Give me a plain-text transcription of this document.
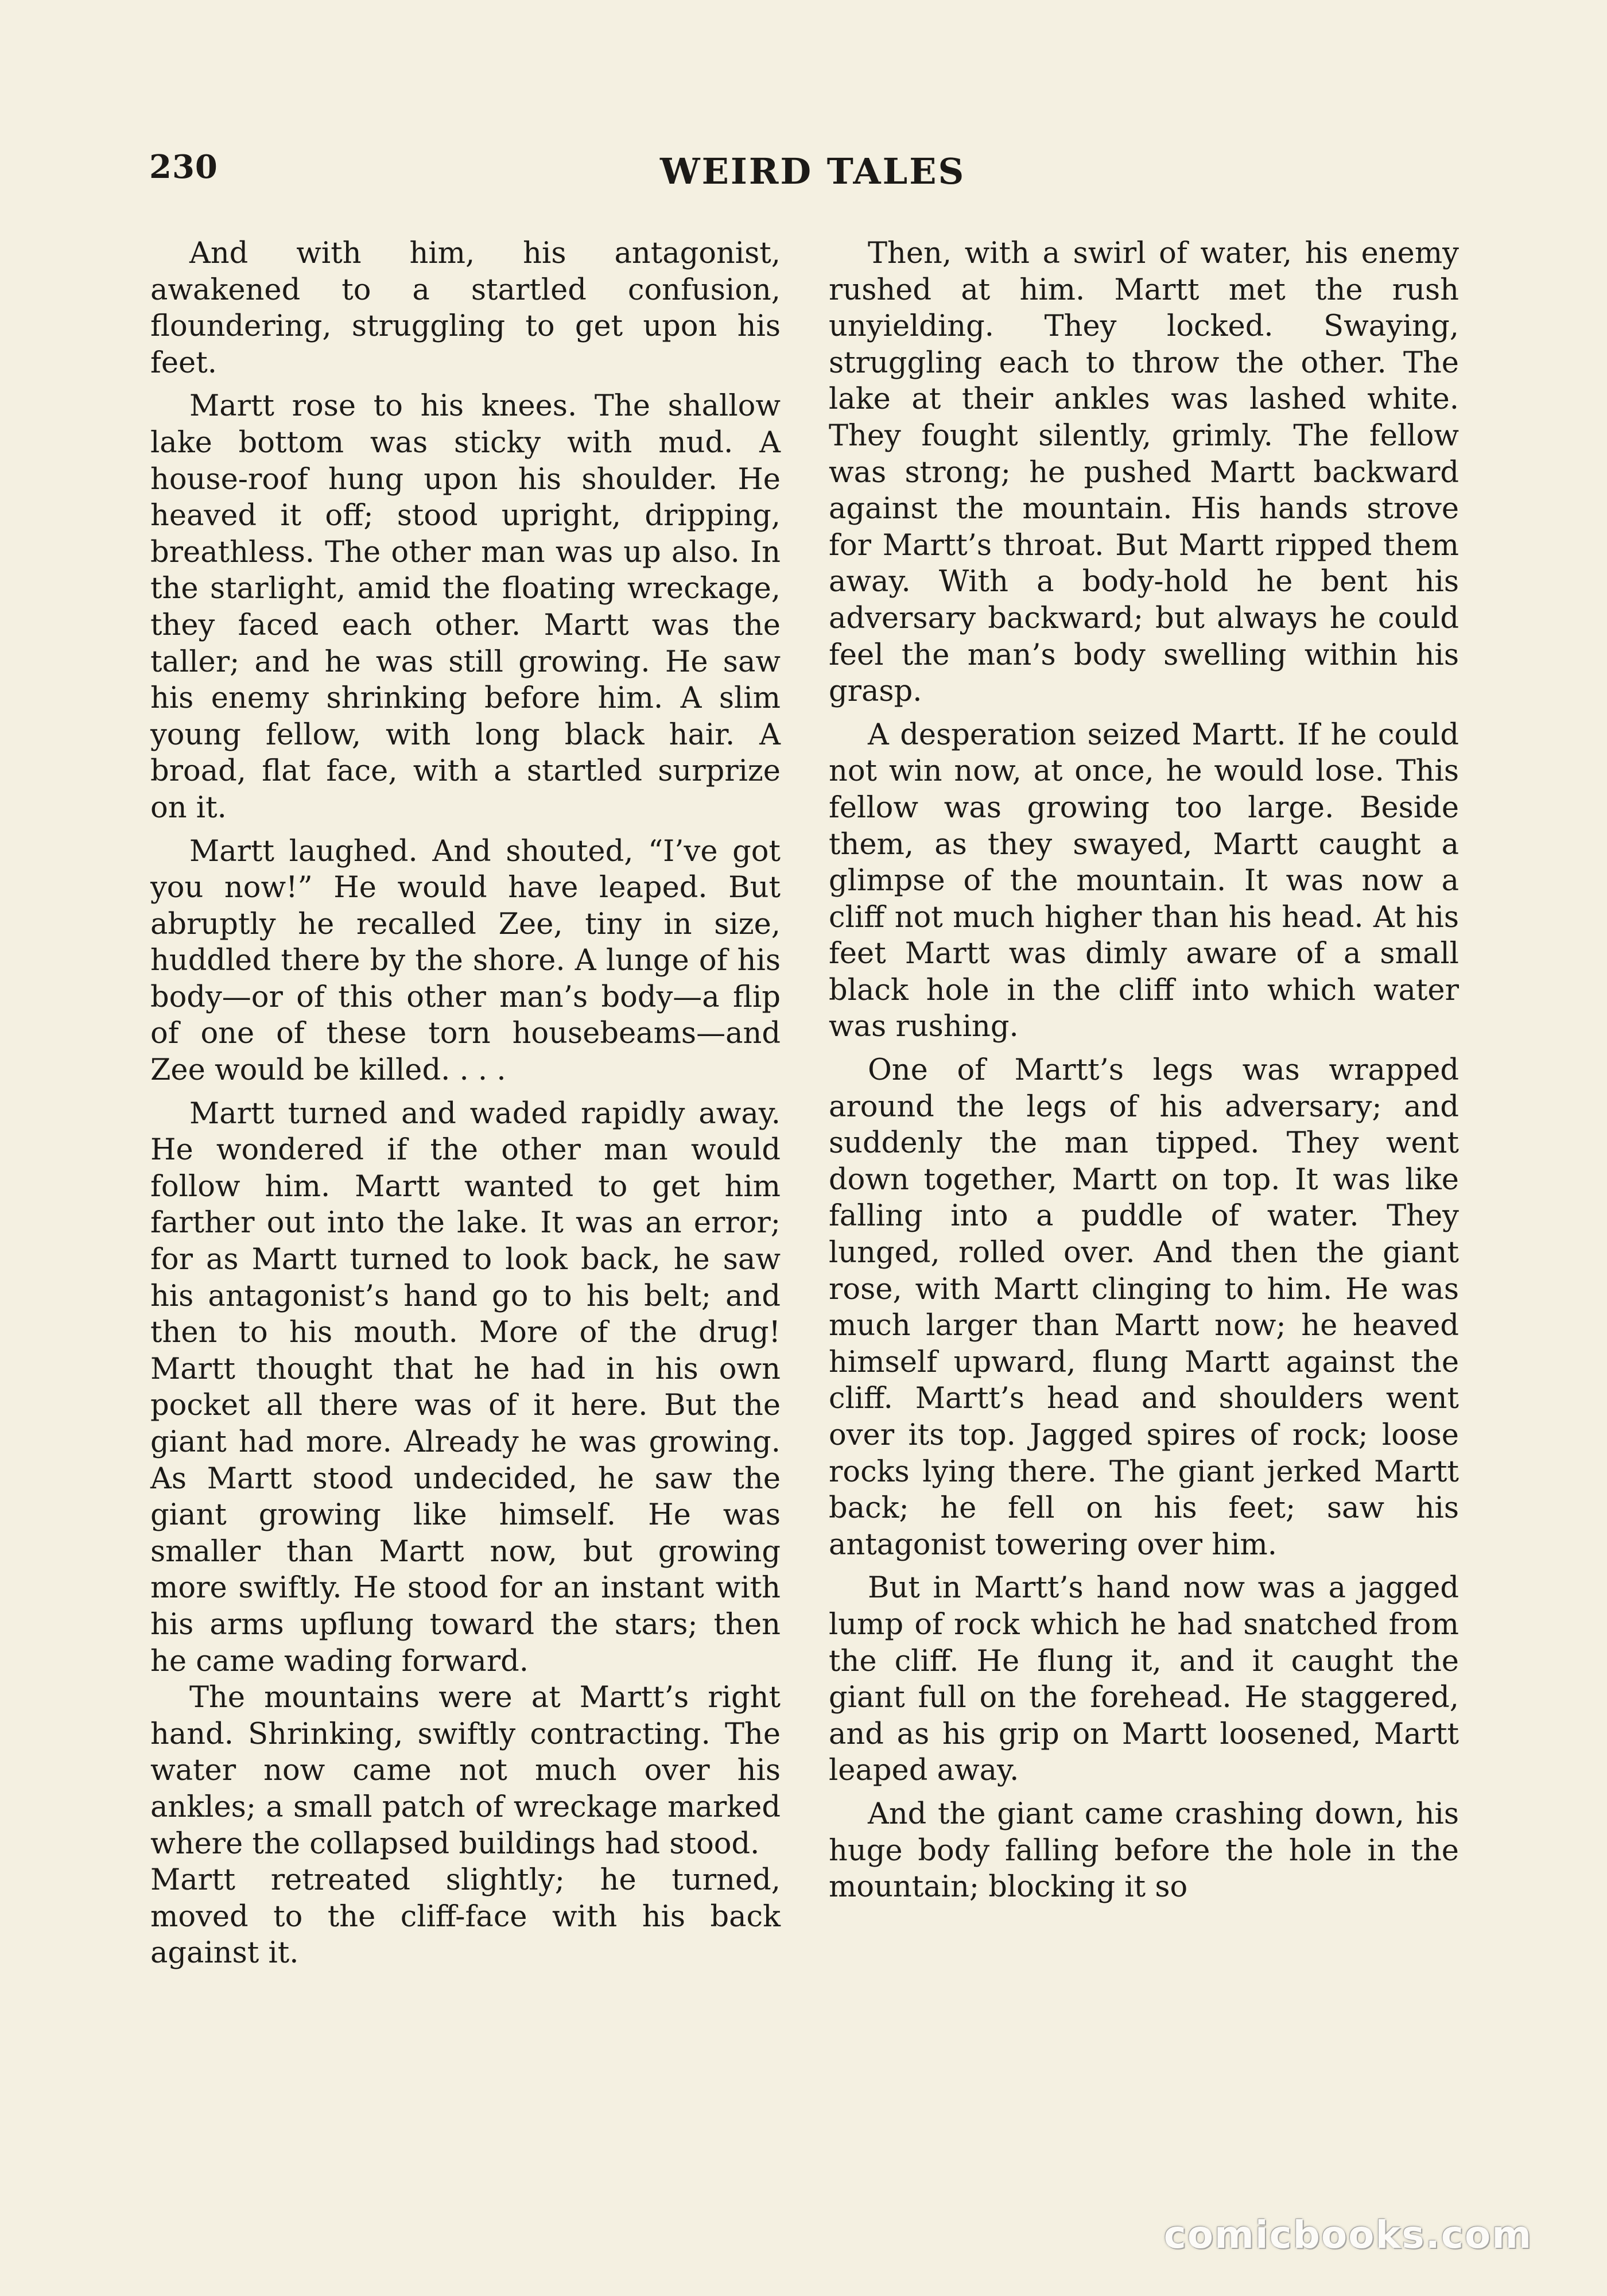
230	WEIRD TALES

And with him, his antagonist, awakened to a startled confusion, floundering, struggling to get upon his feet.

Martt rose to his knees. The shallow lake bottom was sticky with mud. A house-roof hung upon his shoulder. He heaved it off; stood upright, dripping, breathless. The other man was up also. In the starlight, amid the floating wreckage, they faced each other. Martt was the taller; and he was still growing. He saw his enemy shrinking before him. A slim young fellow, with long black hair. A broad, flat face, with a startled surprize on it.

Martt laughed. And shouted, “I’ve got you now!” He would have leaped. But abruptly he recalled Zee, tiny in size, huddled there by the shore. A lunge of his body—or of this other man’s body—a flip of one of these torn housebeams—and Zee would be killed. . . .

Martt turned and waded rapidly away. He wondered if the other man would follow him. Martt wanted to get him farther out into the lake. It was an error; for as Martt turned to look back, he saw his antagonist’s hand go to his belt; and then to his mouth. More of the drug! Martt thought that he had in his own pocket all there was of it here. But the giant had more. Already he was growing. As Martt stood undecided, he saw the giant growing like himself. He was smaller than Martt now, but growing more swiftly. He stood for an instant with his arms upflung toward the stars; then he came wading forward.

The mountains were at Martt’s right hand. Shrinking, swiftly contracting. The water now came not much over his ankles; a small patch of wreckage marked where the collapsed buildings had stood.

Martt retreated slightly; he turned, moved to the cliff-face with his back against it.

Then, with a swirl of water, his enemy rushed at him. Martt met the rush unyielding. They locked. Swaying, struggling each to throw the other. The lake at their ankles was lashed white. They fought silently, grimly. The fellow was strong; he pushed Martt backward against the mountain. His hands strove for Martt’s throat. But Martt ripped them away. With a body-hold he bent his adversary backward; but always he could feel the man’s body swelling within his grasp.

A desperation seized Martt. If he could not win now, at once, he would lose. This fellow was growing too large. Beside them, as they swayed, Martt caught a glimpse of the mountain. It was now a cliff not much higher than his head. At his feet Martt was dimly aware of a small black hole in the cliff into which water was rushing.

One of Martt’s legs was wrapped around the legs of his adversary; and suddenly the man tipped. They went down together, Martt on top. It was like falling into a puddle of water. They lunged, rolled over. And then the giant rose, with Martt clinging to him. He was much larger than Martt now; he heaved himself upward, flung Martt against the cliff. Martt’s head and shoulders went over its top. Jagged spires of rock; loose rocks lying there. The giant jerked Martt back; he fell on his feet; saw his antagonist towering over him.

But in Martt’s hand now was a jagged lump of rock which he had snatched from the cliff. He flung it, and it caught the giant full on the forehead. He staggered, and as his grip on Martt loosened, Martt leaped away.

And the giant came crashing down, his huge body falling before the hole in the mountain; blocking it so

comicbooks.com
